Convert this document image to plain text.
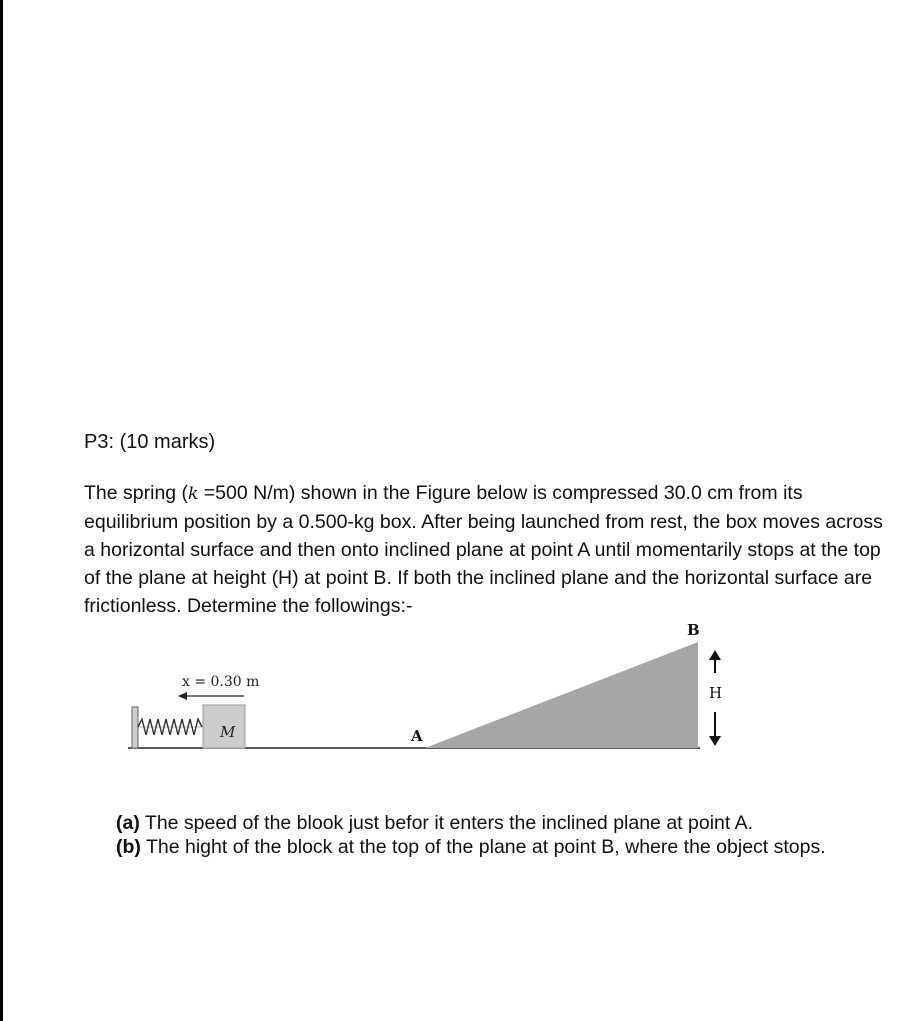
P3: (10 marks)
The spring (k =500 N/m) shown in the Figure below is compressed 30.0 cm from its equilibrium position by a 0.500-kg box. After being launched from rest, the box moves across a horizontal surface and then onto inclined plane at point A until momentarily stops at the top of the plane at height (H) at point B. If both the inclined plane and the horizontal surface are frictionless. Determine the followings:-
M
x = 0.30 m
A
B
H
(a) The speed of the blook just befor it enters the inclined plane at point A.
(b) The hight of the block at the top of the plane at point B, where the object stops.
